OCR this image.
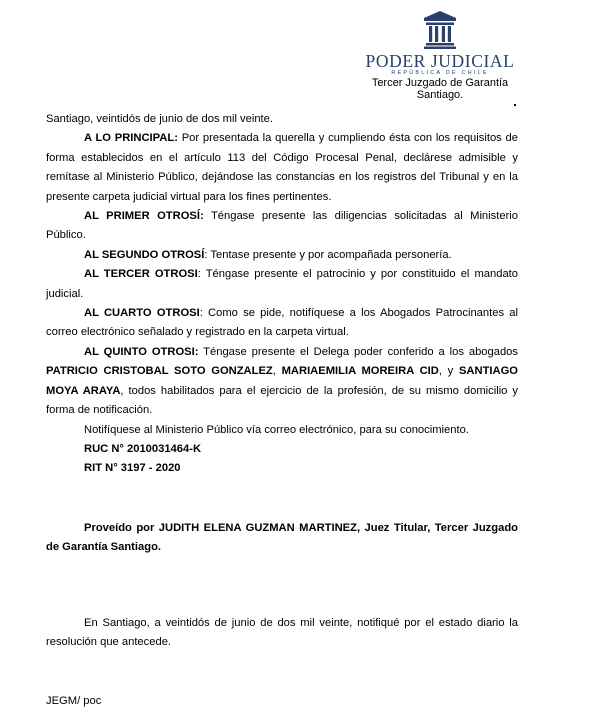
PODER JUDICIAL
REPÚBLICA DE CHILE
Tercer Juzgado de Garantía
Santiago.

Santiago, veintidós de junio de dos mil veinte.

A LO PRINCIPAL: Por presentada la querella y cumpliendo ésta con los requisitos de forma establecidos en el artículo 113 del Código Procesal Penal, declárese admisible y remítase al Ministerio Público, dejándose las constancias en los registros del Tribunal y en la presente carpeta judicial virtual para los fines pertinentes.

AL PRIMER OTROSÍ: Téngase presente las diligencias solicitadas al Ministerio Público.

AL SEGUNDO OTROSÍ: Tentase presente y por acompañada personería.

AL TERCER OTROSI: Téngase presente el patrocinio y por constituido el mandato judicial.

AL CUARTO OTROSI: Como se pide, notifíquese a los Abogados Patrocinantes al correo electrónico señalado y registrado en la carpeta virtual.

AL QUINTO OTROSI: Téngase presente el Delega poder conferido a los abogados PATRICIO CRISTOBAL SOTO GONZALEZ, MARIAEMILIA MOREIRA CID, y SANTIAGO MOYA ARAYA, todos habilitados para el ejercicio de la profesión, de su mismo domicilio y forma de notificación.

Notifíquese al Ministerio Público vía correo electrónico, para su conocimiento.

RUC N° 2010031464-K

RIT N° 3197 - 2020

Proveído por JUDITH ELENA GUZMAN MARTINEZ, Juez Titular, Tercer Juzgado de Garantía Santiago.

En Santiago, a veintidós de junio de dos mil veinte, notifiqué por el estado diario la resolución que antecede.

JEGM/ poc
